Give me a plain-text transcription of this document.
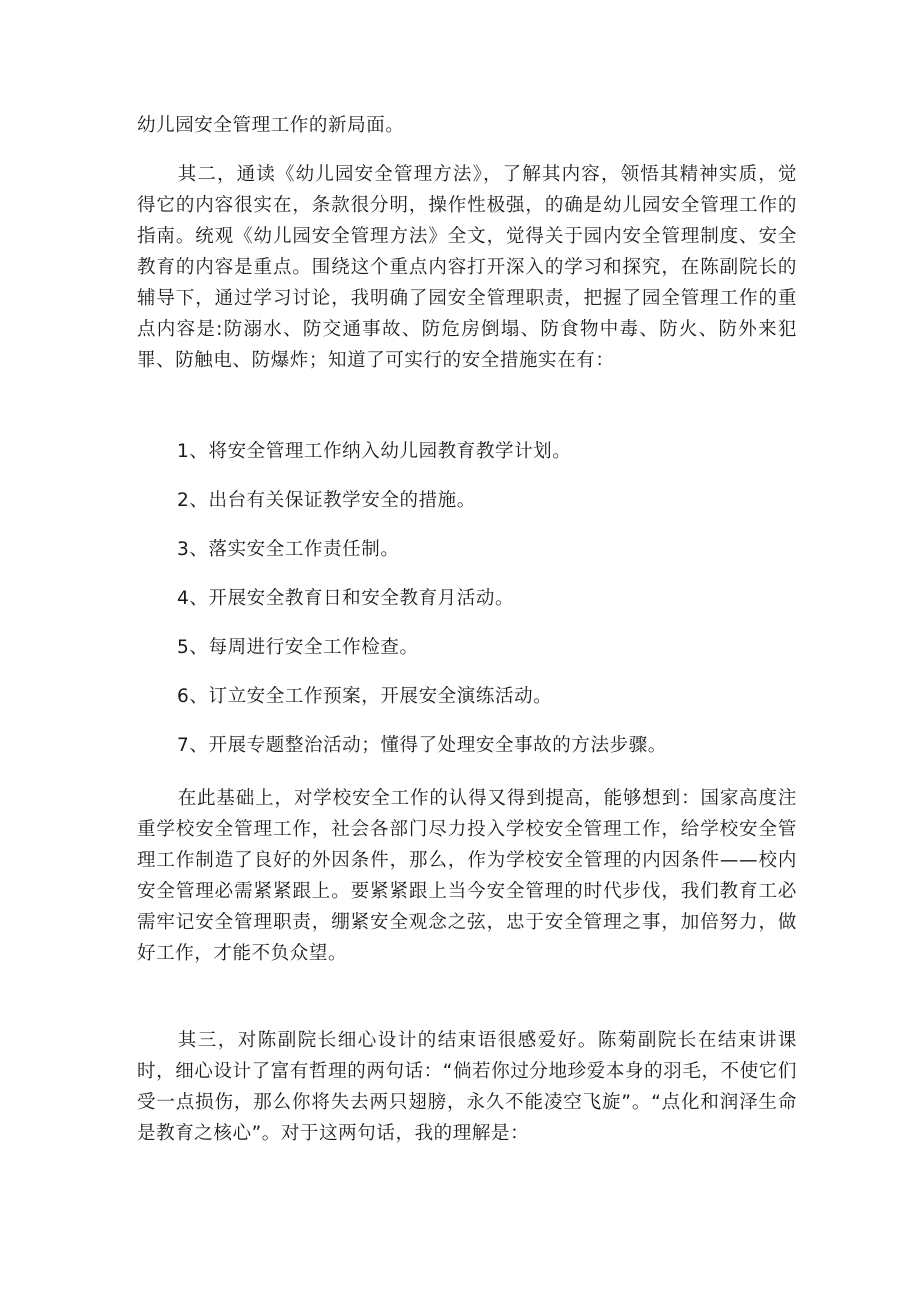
幼儿园安全管理工作的新局面。

其二，通读《幼儿园安全管理方法》，了解其内容，领悟其精神实质，觉得它的内容很实在，条款很分明，操作性极强，的确是幼儿园安全管理工作的指南。统观《幼儿园安全管理方法》全文，觉得关于园内安全管理制度、安全教育的内容是重点。围绕这个重点内容打开深入的学习和探究，在陈副院长的辅导下，通过学习讨论，我明确了园安全管理职责，把握了园全管理工作的重点内容是:防溺水、防交通事故、防危房倒塌、防食物中毒、防火、防外来犯罪、防触电、防爆炸；知道了可实行的安全措施实在有：

1、将安全管理工作纳入幼儿园教育教学计划。

2、出台有关保证教学安全的措施。

3、落实安全工作责任制。

4、开展安全教育日和安全教育月活动。

5、每周进行安全工作检查。

6、订立安全工作预案，开展安全演练活动。

7、开展专题整治活动；懂得了处理安全事故的方法步骤。

在此基础上，对学校安全工作的认得又得到提高，能够想到：国家高度注重学校安全管理工作，社会各部门尽力投入学校安全管理工作，给学校安全管理工作制造了良好的外因条件，那么，作为学校安全管理的内因条件——校内安全管理必需紧紧跟上。要紧紧跟上当今安全管理的时代步伐，我们教育工必需牢记安全管理职责，绷紧安全观念之弦，忠于安全管理之事，加倍努力，做好工作，才能不负众望。

其三，对陈副院长细心设计的结束语很感爱好。陈菊副院长在结束讲课时，细心设计了富有哲理的两句话：“倘若你过分地珍爱本身的羽毛，不使它们受一点损伤，那么你将失去两只翅膀，永久不能凌空飞旋”。“点化和润泽生命是教育之核心”。对于这两句话，我的理解是：
